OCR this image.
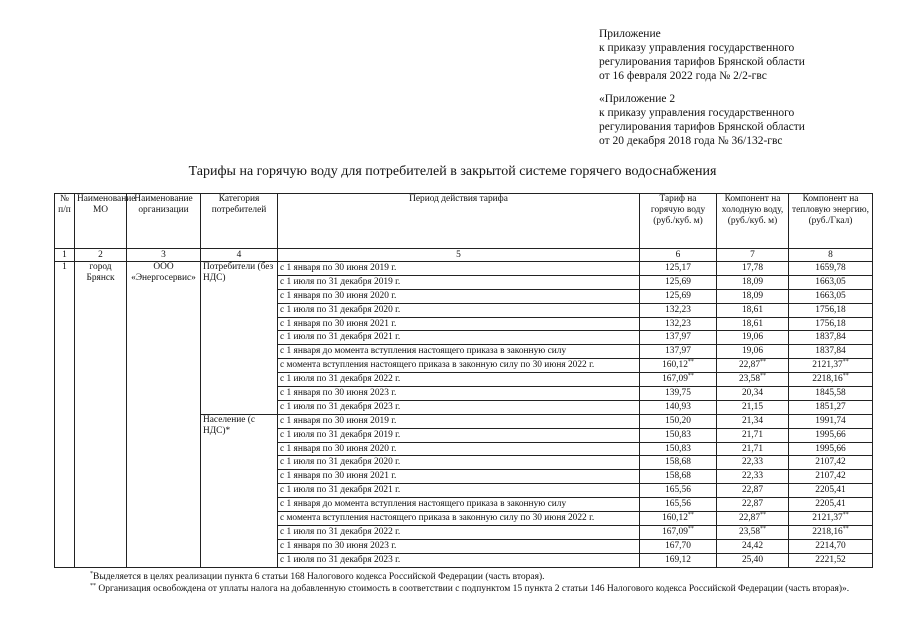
Приложение
к приказу управления государственного
регулирования тарифов Брянской области
от 16 февраля 2022 года № 2/2-гвс
«Приложение 2
к приказу управления государственного
регулирования тарифов Брянской области
от 20 декабря 2018 года № 36/132-гвс
Тарифы на горячую воду для потребителей в закрытой системе горячего водоснабжения
№ п/п	Наименование МО	Наименование организации	Категория потребителей	Период действия тарифа	Тариф на горячую воду (руб./куб. м)	Компонент на холодную воду, (руб./куб. м)	Компонент на тепловую энергию, (руб./Гкал)
1	2	3	4	5	6	7	8
1	город Брянск	ООО «Энергосервис»	Потребители (без НДС)	с 1 января по 30 июня 2019 г.	125,17	17,78	1659,78
				с 1 июля по 31 декабря 2019 г.	125,69	18,09	1663,05
				с 1 января по 30 июня 2020 г.	125,69	18,09	1663,05
				с 1 июля по 31 декабря 2020 г.	132,23	18,61	1756,18
				с 1 января по 30 июня 2021 г.	132,23	18,61	1756,18
				с 1 июля по 31 декабря 2021 г.	137,97	19,06	1837,84
				с 1 января до момента вступления настоящего приказа в законную силу	137,97	19,06	1837,84
				с момента вступления настоящего приказа в законную силу по 30 июня 2022 г.	160,12**	22,87**	2121,37**
				с 1 июля по 31 декабря 2022 г.	167,09**	23,58**	2218,16**
				с 1 января по 30 июня 2023 г.	139,75	20,34	1845,58
				с 1 июля по 31 декабря 2023 г.	140,93	21,15	1851,27
			Население (с НДС)*	с 1 января по 30 июня 2019 г.	150,20	21,34	1991,74
				с 1 июля по 31 декабря 2019 г.	150,83	21,71	1995,66
				с 1 января по 30 июня 2020 г.	150,83	21,71	1995,66
				с 1 июля по 31 декабря 2020 г.	158,68	22,33	2107,42
				с 1 января по 30 июня 2021 г.	158,68	22,33	2107,42
				с 1 июля по 31 декабря 2021 г.	165,56	22,87	2205,41
				с 1 января до момента вступления настоящего приказа в законную силу	165,56	22,87	2205,41
				с момента вступления настоящего приказа в законную силу по 30 июня 2022 г.	160,12**	22,87**	2121,37**
				с 1 июля по 31 декабря 2022 г.	167,09**	23,58**	2218,16**
				с 1 января по 30 июня 2023 г.	167,70	24,42	2214,70
				с 1 июля по 31 декабря 2023 г.	169,12	25,40	2221,52
*Выделяется в целях реализации пункта 6 статьи 168 Налогового кодекса Российской Федерации (часть вторая).
** Организация освобождена от уплаты налога на добавленную стоимость в соответствии с подпунктом 15 пункта 2 статьи 146 Налогового кодекса Российской Федерации (часть вторая)».
